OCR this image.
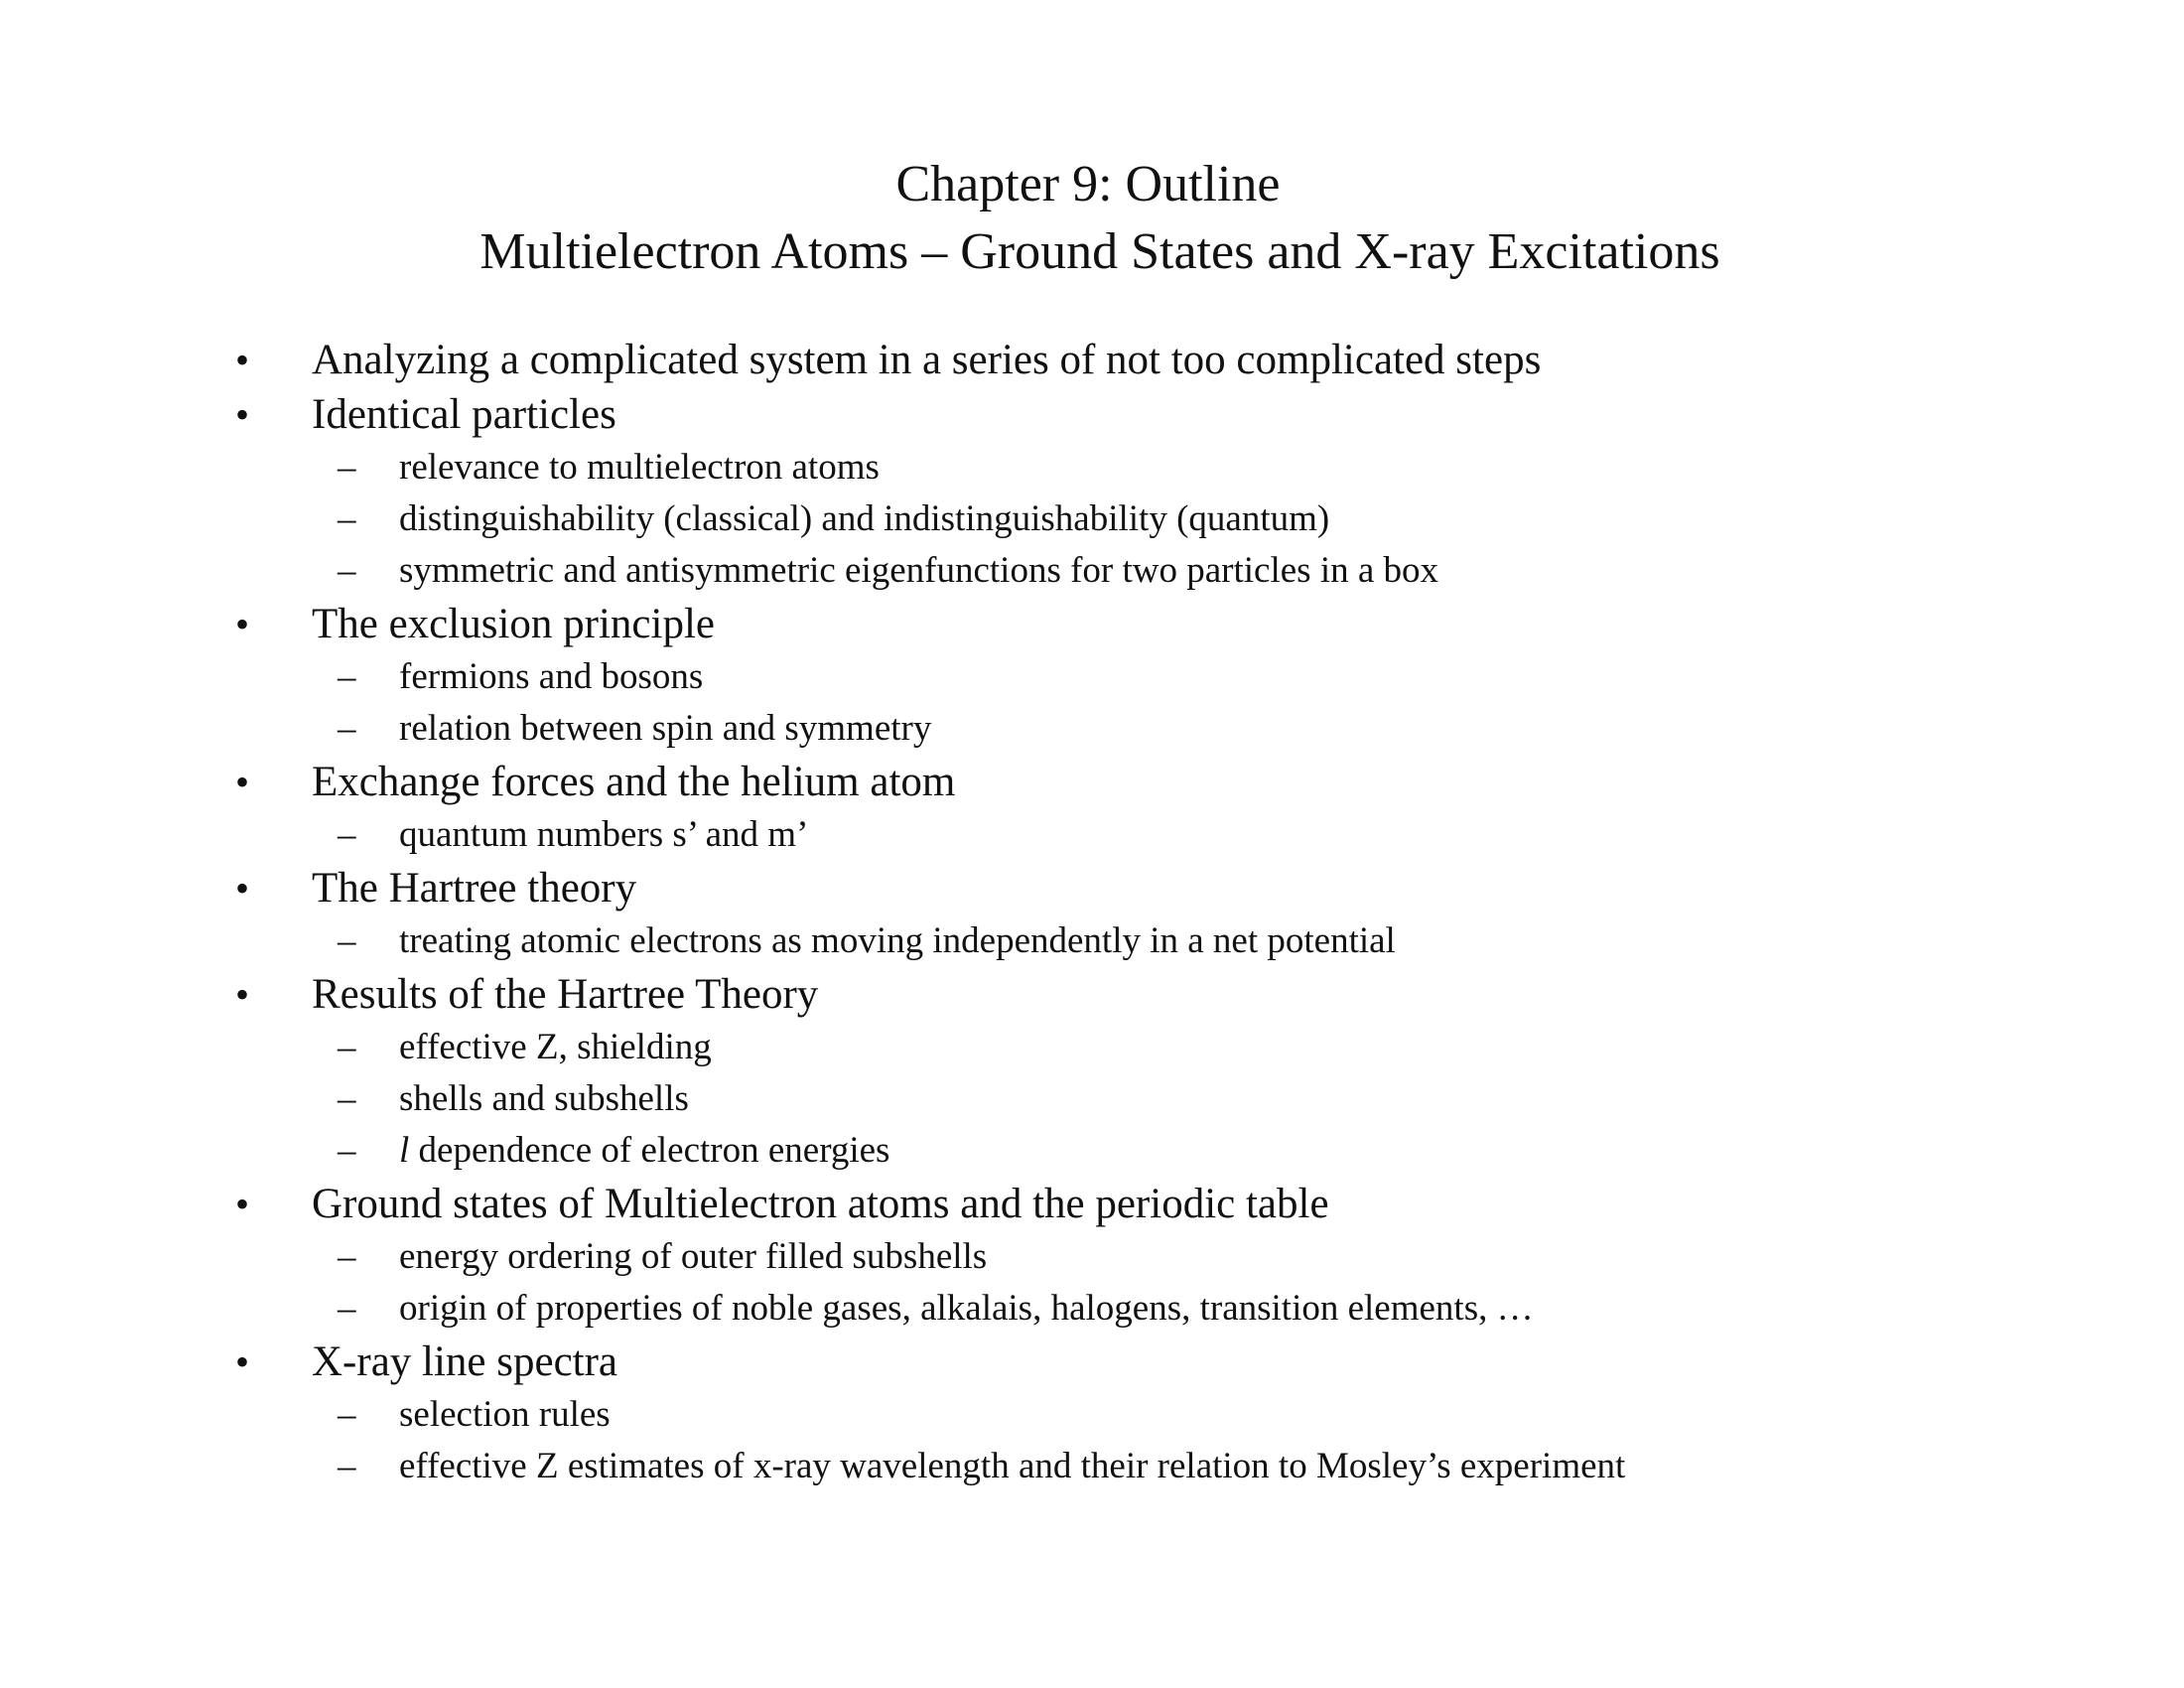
Chapter 9: Outline
Multielectron Atoms – Ground States and X-ray Excitations
• Analyzing a complicated system in a series of not too complicated steps
• Identical particles
– relevance to multielectron atoms
– distinguishability (classical) and indistinguishability (quantum)
– symmetric and antisymmetric eigenfunctions for two particles in a box
• The exclusion principle
– fermions and bosons
– relation between spin and symmetry
• Exchange forces and the helium atom
– quantum numbers s’ and m’
• The Hartree theory
– treating atomic electrons as moving independently in a net potential
• Results of the Hartree Theory
– effective Z, shielding
– shells and subshells
– l dependence of electron energies
• Ground states of Multielectron atoms and the periodic table
– energy ordering of outer filled subshells
– origin of properties of noble gases, alkalais, halogens, transition elements, …
• X-ray line spectra
– selection rules
– effective Z estimates of x-ray wavelength and their relation to Mosley’s experiment
